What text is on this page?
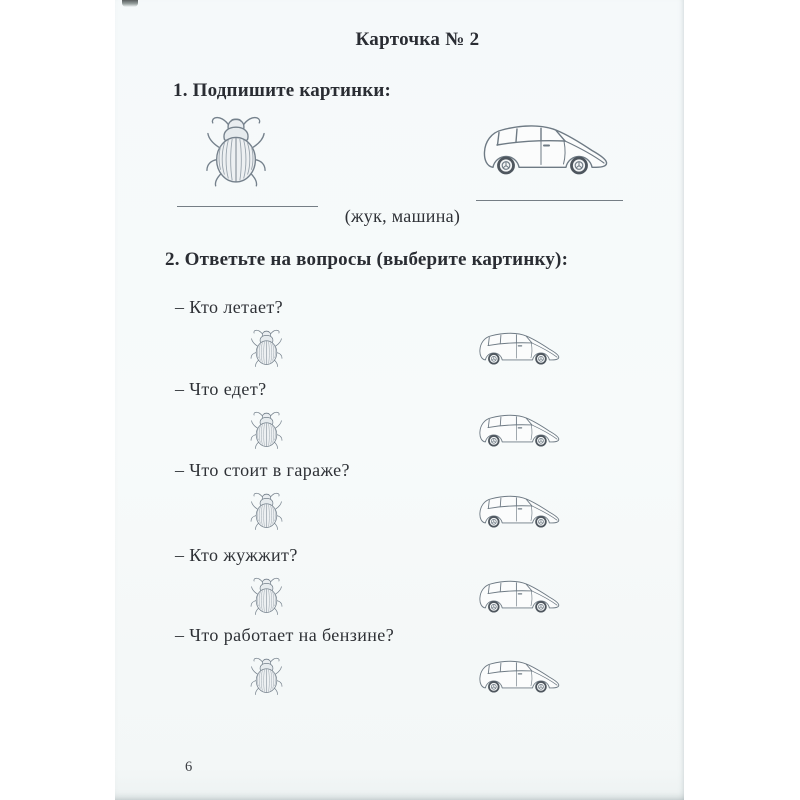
Карточка № 2
1. Подпишите картинки:
(жук, машина)
2. Ответьте на вопросы (выберите картинку):
– Кто летает?
– Что едет?
– Что стоит в гараже?
– Кто жужжит?
– Что работает на бензине?
6
